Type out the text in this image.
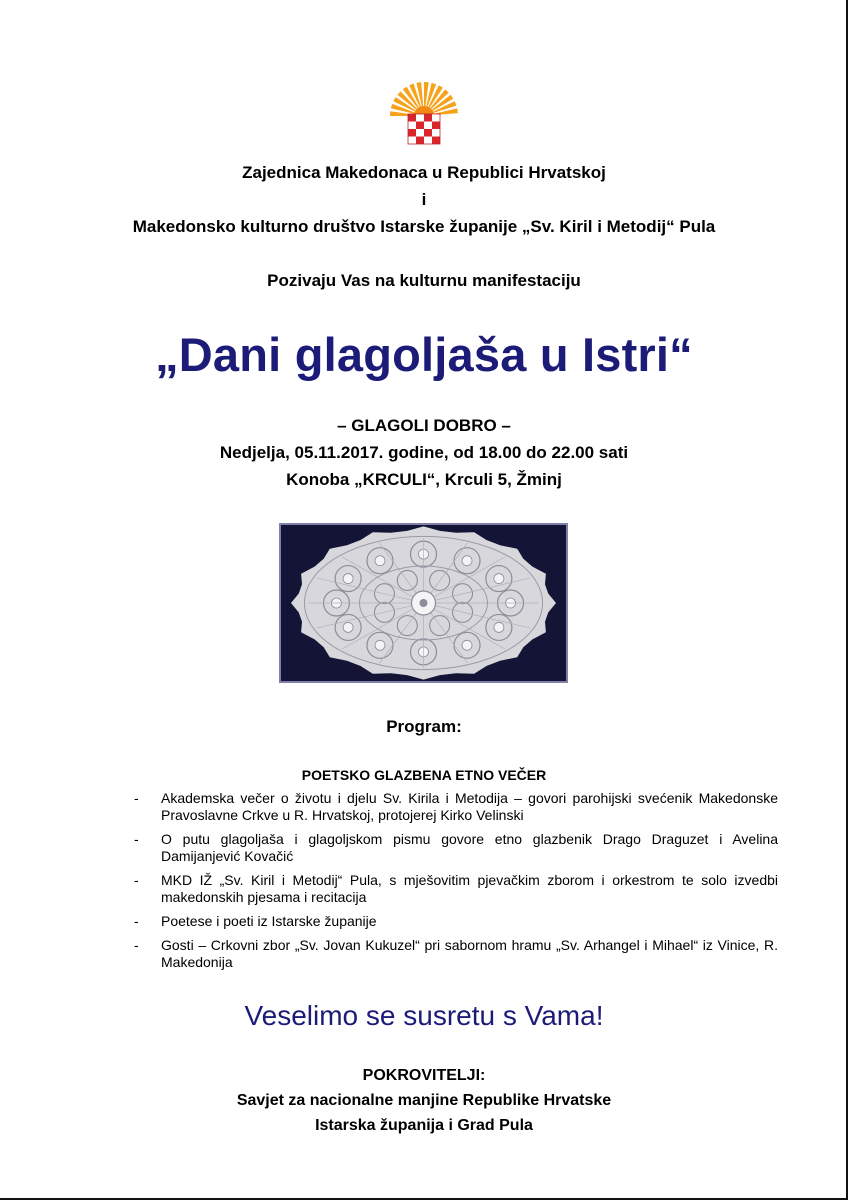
Zajednica Makedonaca u Republici Hrvatskoj
i
Makedonsko kulturno društvo Istarske županije „Sv. Kiril i Metodij“ Pula
Pozivaju Vas na kulturnu manifestaciju
„Dani glagoljaša u Istri“
– GLAGOLI DOBRO –
Nedjelja, 05.11.2017. godine, od 18.00 do 22.00 sati
Konoba „KRCULI“, Krculi 5, Žminj
Program:
POETSKO GLAZBENA ETNO VEČER
- Akademska večer o životu i djelu Sv. Kirila i Metodija – govori parohijski svećenik Makedonske Pravoslavne Crkve u R. Hrvatskoj, protojerej Kirko Velinski
- O putu glagoljaša i glagoljskom pismu govore etno glazbenik Drago Draguzet i Avelina Damijanjević Kovačić
- MKD IŽ „Sv. Kiril i Metodij“ Pula, s mješovitim pjevačkim zborom i orkestrom te solo izvedbi makedonskih pjesama i recitacija
- Poetese i poeti iz Istarske županije
- Gosti – Crkovni zbor „Sv. Jovan Kukuzel“ pri sabornom hramu „Sv. Arhangel i Mihael“ iz Vinice, R. Makedonija
Veselimo se susretu s Vama!
POKROVITELJI:
Savjet za nacionalne manjine Republike Hrvatske
Istarska županija i Grad Pula
